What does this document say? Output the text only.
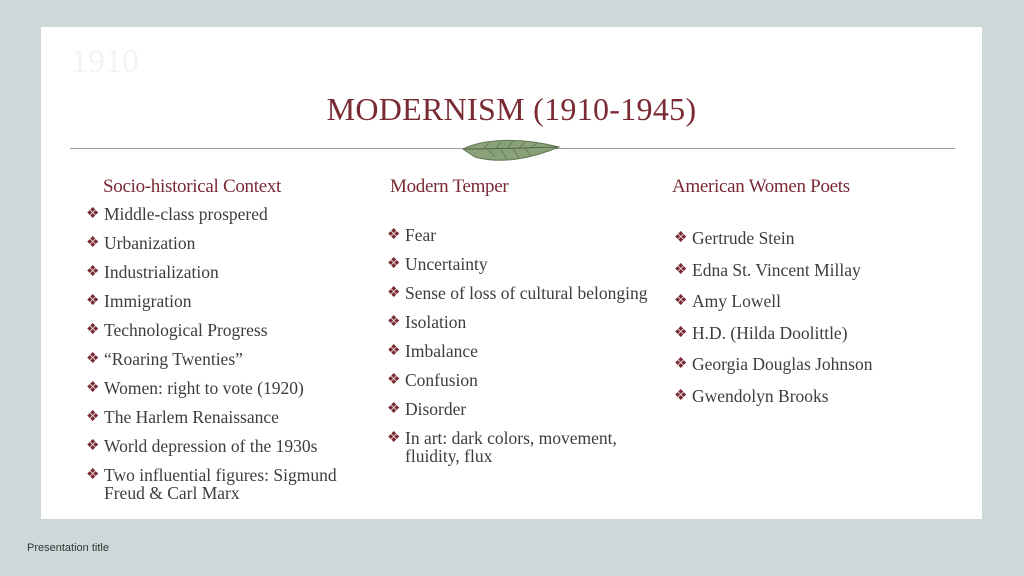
1910
MODERNISM (1910-1945)
Socio-historical Context
❖ Middle-class prospered
❖ Urbanization
❖ Industrialization
❖ Immigration
❖ Technological Progress
❖ “Roaring Twenties”
❖ Women: right to vote (1920)
❖ The Harlem Renaissance
❖ World depression of the 1930s
❖ Two influential figures: Sigmund Freud & Carl Marx
Modern Temper
❖ Fear
❖ Uncertainty
❖ Sense of loss of cultural belonging
❖ Isolation
❖ Imbalance
❖ Confusion
❖ Disorder
❖ In art: dark colors, movement, fluidity, flux
American Women Poets
❖ Gertrude Stein
❖ Edna St. Vincent Millay
❖ Amy Lowell
❖ H.D. (Hilda Doolittle)
❖ Georgia Douglas Johnson
❖ Gwendolyn Brooks
Presentation title
